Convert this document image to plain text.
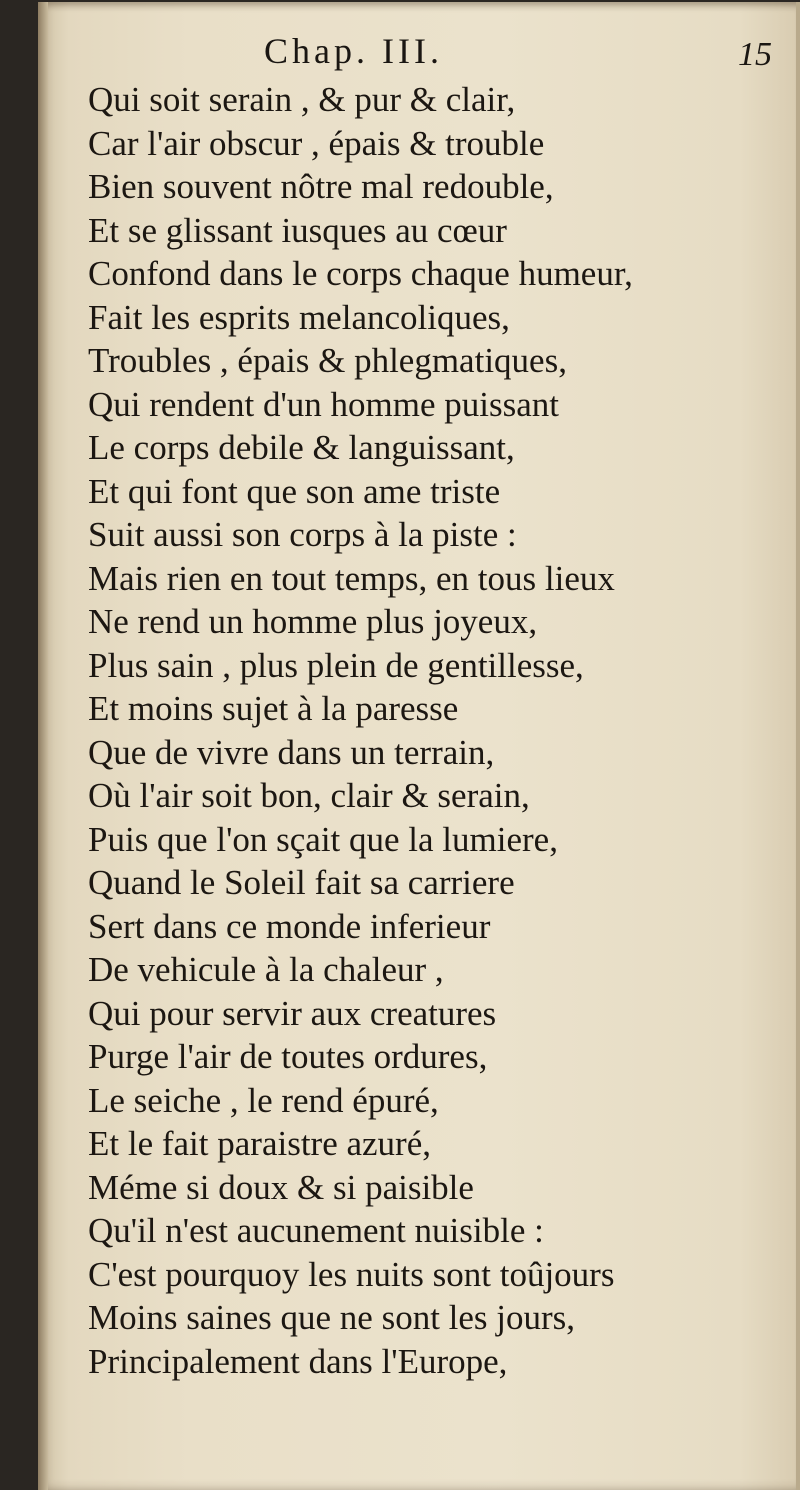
Chap. III.	15
Qui soit serain , & pur & clair,
Car l'air obscur , épais & trouble
Bien souvent nôtre mal redouble,
Et se glissant iusques au cœur
Confond dans le corps chaque humeur,
Fait les esprits melancoliques,
Troubles , épais & phlegmatiques,
Qui rendent d'un homme puissant
Le corps debile & languissant,
Et qui font que son ame triste
Suit aussi son corps à la piste :
Mais rien en tout temps, en tous lieux
Ne rend un homme plus joyeux,
Plus sain , plus plein de gentillesse,
Et moins sujet à la paresse
Que de vivre dans un terrain,
Où l'air soit bon, clair & serain,
Puis que l'on sçait que la lumiere,
Quand le Soleil fait sa carriere
Sert dans ce monde inferieur
De vehicule à la chaleur ,
Qui pour servir aux creatures
Purge l'air de toutes ordures,
Le seiche , le rend épuré,
Et le fait paraistre azuré,
Méme si doux & si paisible
Qu'il n'est aucunement nuisible :
C'est pourquoy les nuits sont toûjours
Moins saines que ne sont les jours,
Principalement dans l'Europe,
